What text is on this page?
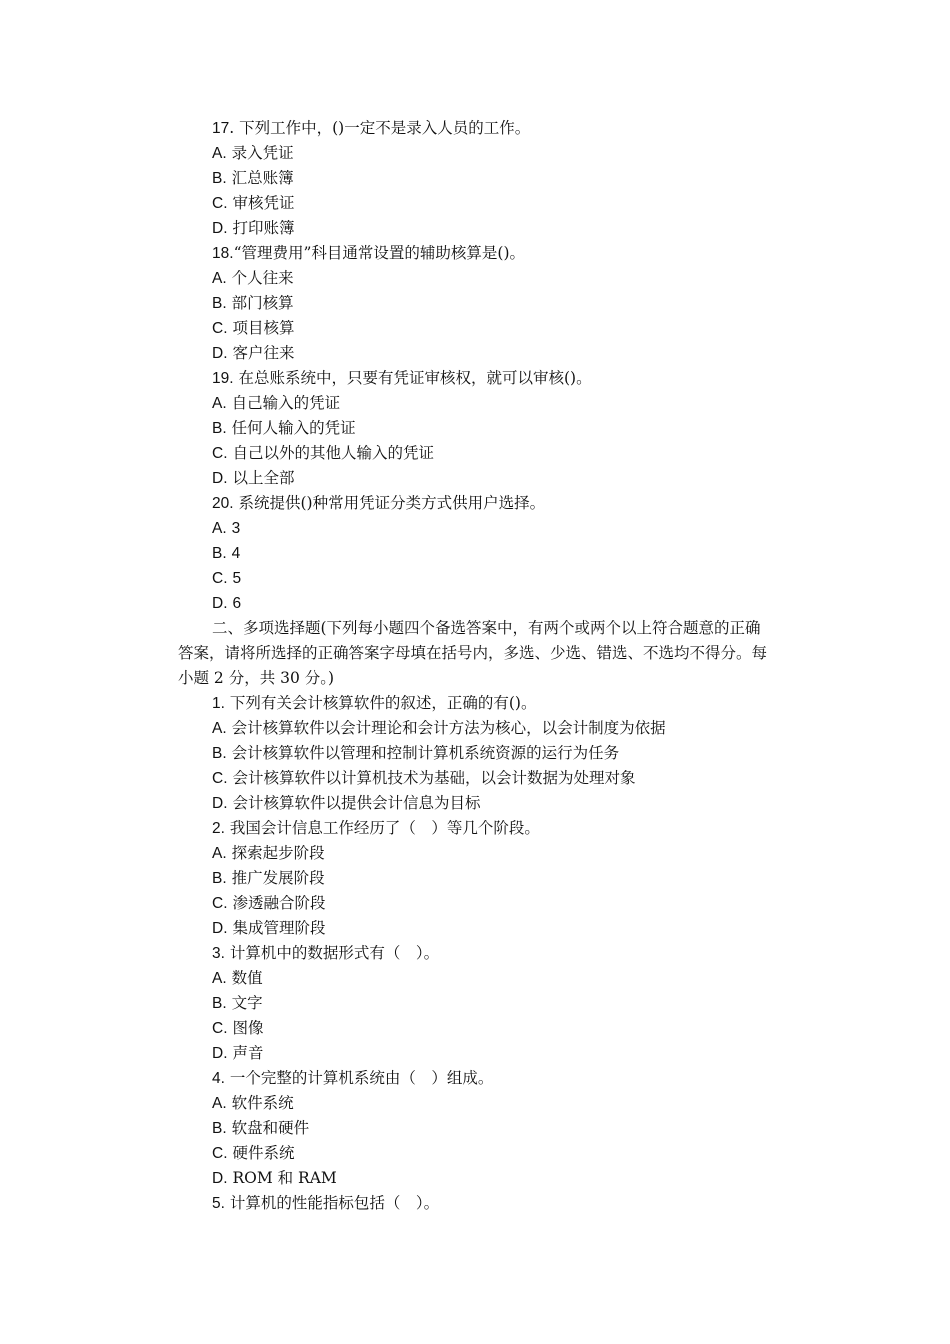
17. 下列工作中，()一定不是录入人员的工作。
A. 录入凭证
B. 汇总账簿
C. 审核凭证
D. 打印账簿
18.“管理费用”科目通常设置的辅助核算是()。
A. 个人往来
B. 部门核算
C. 项目核算
D. 客户往来
19. 在总账系统中，只要有凭证审核权，就可以审核()。
A. 自己输入的凭证
B. 任何人输入的凭证
C. 自己以外的其他人输入的凭证
D. 以上全部
20. 系统提供()种常用凭证分类方式供用户选择。
A. 3
B. 4
C. 5
D. 6
二、多项选择题(下列每小题四个备选答案中，有两个或两个以上符合题意的正确
答案，请将所选择的正确答案字母填在括号内，多选、少选、错选、不选均不得分。每
小题 2 分，共 30 分。)
1. 下列有关会计核算软件的叙述，正确的有()。
A. 会计核算软件以会计理论和会计方法为核心，以会计制度为依据
B. 会计核算软件以管理和控制计算机系统资源的运行为任务
C. 会计核算软件以计算机技术为基础，以会计数据为处理对象
D. 会计核算软件以提供会计信息为目标
2. 我国会计信息工作经历了（　）等几个阶段。
A. 探索起步阶段
B. 推广发展阶段
C. 渗透融合阶段
D. 集成管理阶段
3. 计算机中的数据形式有（　）。
A. 数值
B. 文字
C. 图像
D. 声音
4. 一个完整的计算机系统由（　）组成。
A. 软件系统
B. 软盘和硬件
C. 硬件系统
D. ROM 和 RAM
5. 计算机的性能指标包括（　）。
